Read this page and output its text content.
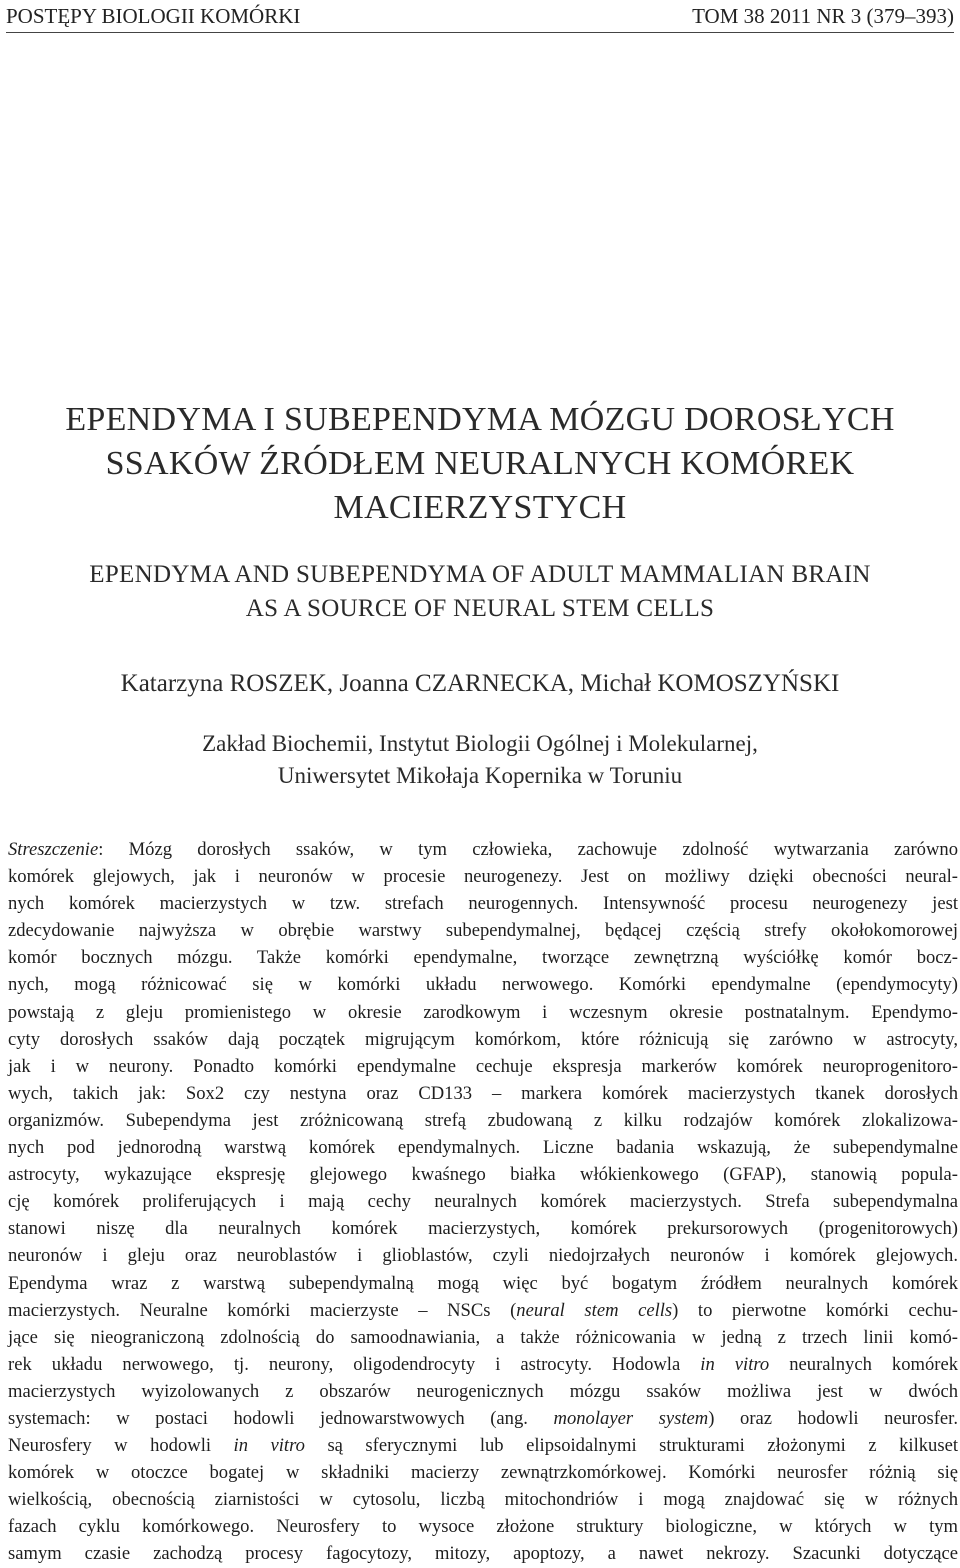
POSTĘPY BIOLOGII KOMÓRKI	TOM 38 2011 NR 3 (379–393)
EPENDYMA I SUBEPENDYMA MÓZGU DOROSŁYCH
SSAKÓW ŹRÓDŁEM NEURALNYCH KOMÓREK
MACIERZYSTYCH
EPENDYMA AND SUBEPENDYMA OF ADULT MAMMALIAN BRAIN
AS A SOURCE OF NEURAL STEM CELLS
Katarzyna ROSZEK, Joanna CZARNECKA, Michał KOMOSZYŃSKI
Zakład Biochemii, Instytut Biologii Ogólnej i Molekularnej,
Uniwersytet Mikołaja Kopernika w Toruniu
Streszczenie: Mózg dorosłych ssaków, w tym człowieka, zachowuje zdolność wytwarzania zarówno
komórek glejowych, jak i neuronów w procesie neurogenezy. Jest on możliwy dzięki obecności neural-
nych komórek macierzystych w tzw. strefach neurogennych. Intensywność procesu neurogenezy jest
zdecydowanie najwyższa w obrębie warstwy subependymalnej, będącej częścią strefy okołokomorowej
komór bocznych mózgu. Także komórki ependymalne, tworzące zewnętrzną wyściółkę komór bocz-
nych, mogą różnicować się w komórki układu nerwowego. Komórki ependymalne (ependymocyty)
powstają z gleju promienistego w okresie zarodkowym i wczesnym okresie postnatalnym. Ependymo-
cyty dorosłych ssaków dają początek migrującym komórkom, które różnicują się zarówno w astrocyty,
jak i w neurony. Ponadto komórki ependymalne cechuje ekspresja markerów komórek neuroprogenitoro-
wych, takich jak: Sox2 czy nestyna oraz CD133 – markera komórek macierzystych tkanek dorosłych
organizmów. Subependyma jest zróżnicowaną strefą zbudowaną z kilku rodzajów komórek zlokalizowa-
nych pod jednorodną warstwą komórek ependymalnych. Liczne badania wskazują, że subependymalne
astrocyty, wykazujące ekspresję glejowego kwaśnego białka włókienkowego (GFAP), stanowią popula-
cję komórek proliferujących i mają cechy neuralnych komórek macierzystych. Strefa subependymalna
stanowi niszę dla neuralnych komórek macierzystych, komórek prekursorowych (progenitorowych)
neuronów i gleju oraz neuroblastów i glioblastów, czyli niedojrzałych neuronów i komórek glejowych.
Ependyma wraz z warstwą subependymalną mogą więc być bogatym źródłem neuralnych komórek
macierzystych. Neuralne komórki macierzyste – NSCs (neural stem cells) to pierwotne komórki cechu-
jące się nieograniczoną zdolnością do samoodnawiania, a także różnicowania w jedną z trzech linii komó-
rek układu nerwowego, tj. neurony, oligodendrocyty i astrocyty. Hodowla in vitro neuralnych komórek
macierzystych wyizolowanych z obszarów neurogenicznych mózgu ssaków możliwa jest w dwóch
systemach: w postaci hodowli jednowarstwowych (ang. monolayer system) oraz hodowli neurosfer.
Neurosfery w hodowli in vitro są sferycznymi lub elipsoidalnymi strukturami złożonymi z kilkuset
komórek w otoczce bogatej w składniki macierzy zewnątrzkomórkowej. Komórki neurosfer różnią się
wielkością, obecnością ziarnistości w cytosolu, liczbą mitochondriów i mogą znajdować się w różnych
fazach cyklu komórkowego. Neurosfery to wysoce złożone struktury biologiczne, w których w tym
samym czasie zachodzą procesy fagocytozy, mitozy, apoptozy, a nawet nekrozy. Szacunki dotyczące
